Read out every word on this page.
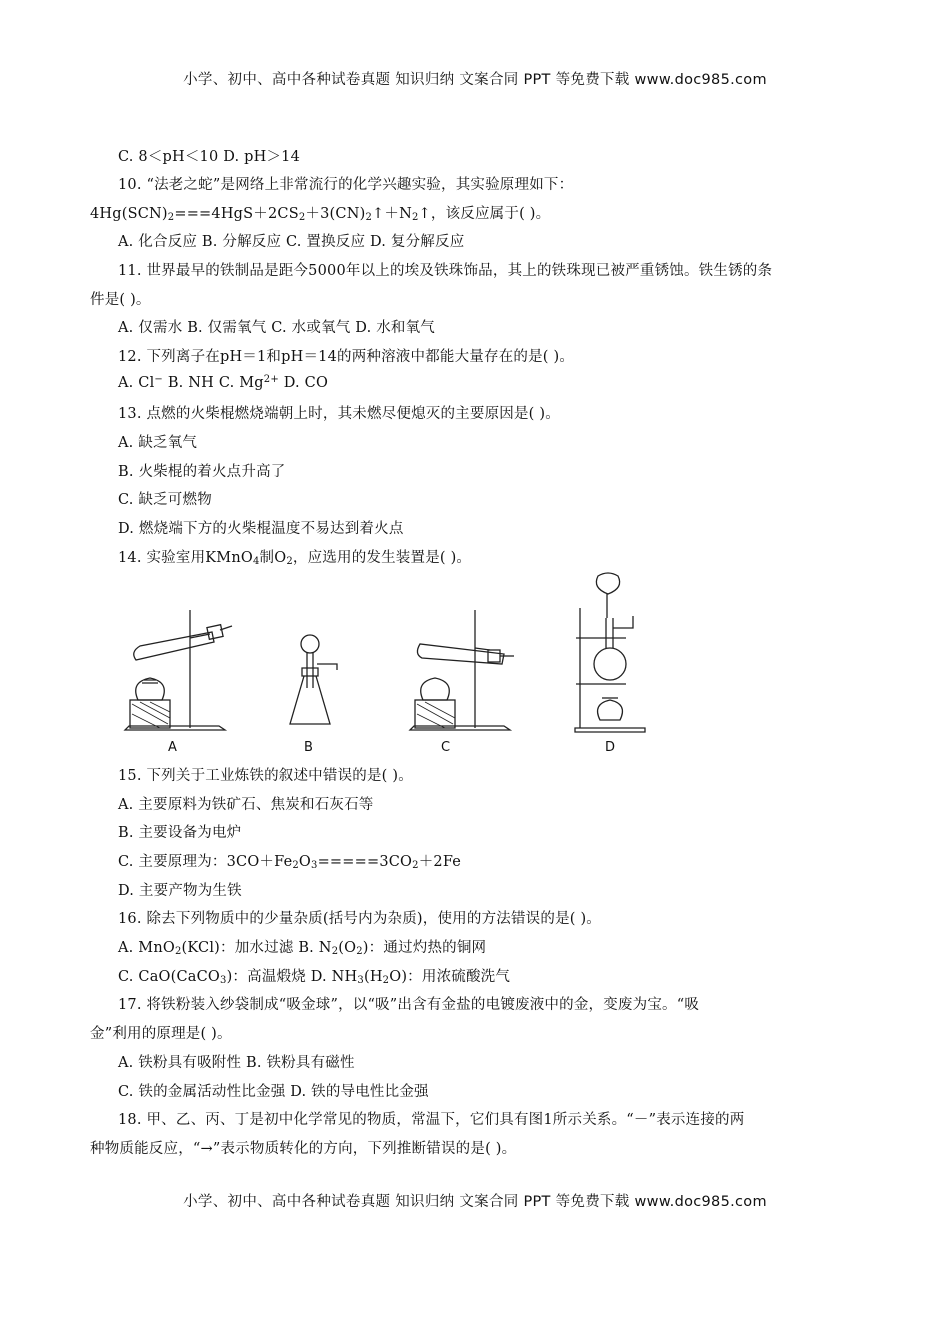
小学、初中、高中各种试卷真题 知识归纳 文案合同 PPT 等免费下载 www.doc985.com
C. 8＜pH＜10 D. pH＞14
10. “法老之蛇”是网络上非常流行的化学兴趣实验，其实验原理如下：
$4Hg(SCN)_2===4HgS+2CS_2+3(CN)_2↑+N_2↑$，该反应属于( )。
A. 化合反应 B. 分解反应 C. 置换反应 D. 复分解反应
11. 世界最早的铁制品是距今5000年以上的埃及铁珠饰品，其上的铁珠现已被严重锈蚀。铁生锈的条
件是( )。
A. 仅需水 B. 仅需氧气 C. 水或氧气 D. 水和氧气
12. 下列离子在pH＝1和pH＝14的两种溶液中都能大量存在的是( )。
A. Cl− B. NH C. $Mg^{2+}$ D. CO
13. 点燃的火柴棍燃烧端朝上时，其未燃尽便熄灭的主要原因是( )。
A. 缺乏氧气
B. 火柴棍的着火点升高了
C. 缺乏可燃物
D. 燃烧端下方的火柴棍温度不易达到着火点
14. 实验室用KMnO$_4$制$O_2$，应选用的发生装置是( )。
A	B	C	D
15. 下列关于工业炼铁的叙述中错误的是( )。
A. 主要原料为铁矿石、焦炭和石灰石等
B. 主要设备为电炉
C. 主要原理为：$3CO+Fe_2O_3=====3CO_2+2Fe$
D. 主要产物为生铁
16. 除去下列物质中的少量杂质(括号内为杂质)，使用的方法错误的是( )。
A. MnO$_2$(KCl)：加水过滤 B. $N_2(O_2)$：通过灼热的铜网
C. CaO(CaCO$_3$)：高温煅烧 D. $NH_3(H_2O)$：用浓硫酸洗气
17. 将铁粉装入纱袋制成“吸金球”，以“吸”出含有金盐的电镀废液中的金，变废为宝。“吸
金”利用的原理是( )。
A. 铁粉具有吸附性 B. 铁粉具有磁性
C. 铁的金属活动性比金强 D. 铁的导电性比金强
18. 甲、乙、丙、丁是初中化学常见的物质，常温下，它们具有图1所示关系。“－”表示连接的两
种物质能反应，“→”表示物质转化的方向，下列推断错误的是( )。
小学、初中、高中各种试卷真题 知识归纳 文案合同 PPT 等免费下载 www.doc985.com
